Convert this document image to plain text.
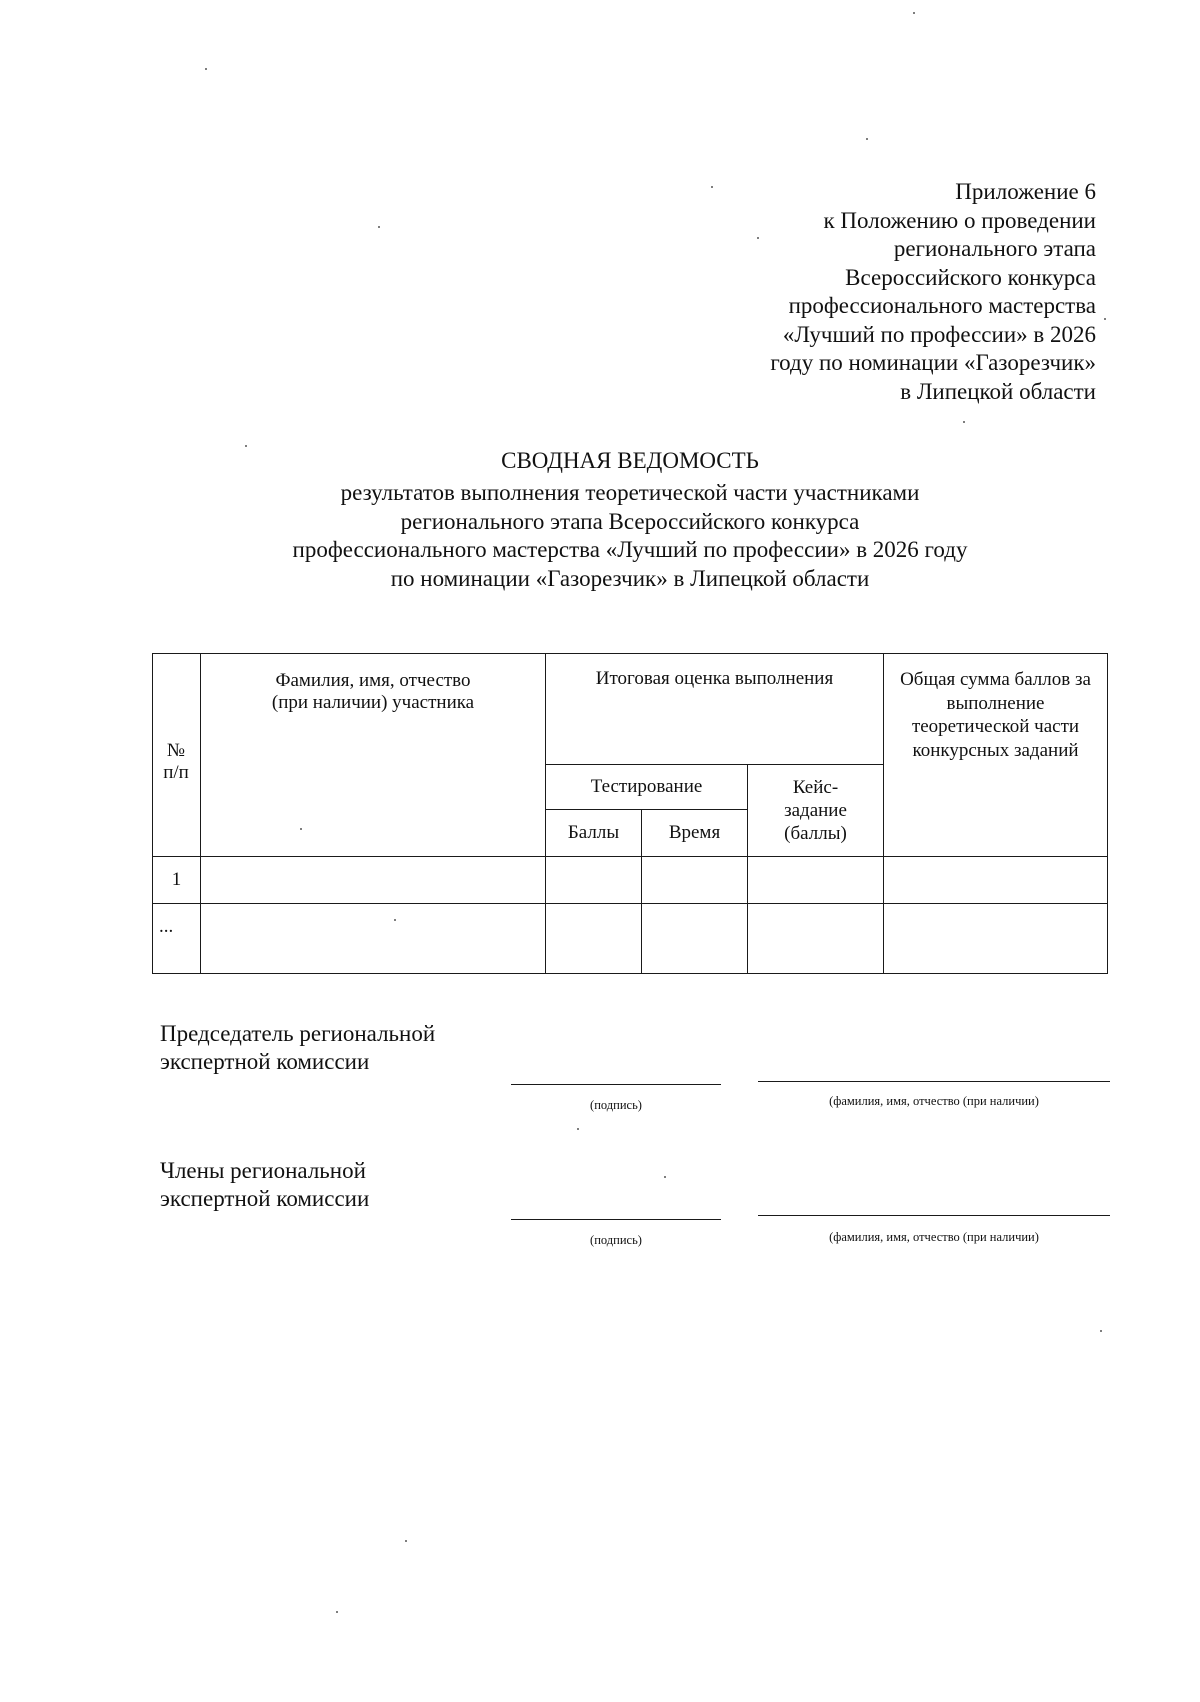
Приложение 6
к Положению о проведении
регионального этапа
Всероссийского конкурса
профессионального мастерства
«Лучший по профессии» в 2026
году по номинации «Газорезчик»
в Липецкой области
СВОДНАЯ ВЕДОМОСТЬ
результатов выполнения теоретической части участниками
регионального этапа Всероссийского конкурса
профессионального мастерства «Лучший по профессии» в 2026 году
по номинации «Газорезчик» в Липецкой области
№ п/п	Фамилия, имя, отчество (при наличии) участника	Итоговая оценка выполнения			Общая сумма баллов за выполнение теоретической части конкурсных заданий

		Тестирование		Кейс-задание (баллы)	

		Баллы	Время		

1					

...					

Председатель региональной
экспертной комиссии
(подпись)	(фамилия, имя, отчество (при наличии)
Члены региональной
экспертной комиссии
(подпись)	(фамилия, имя, отчество (при наличии)
